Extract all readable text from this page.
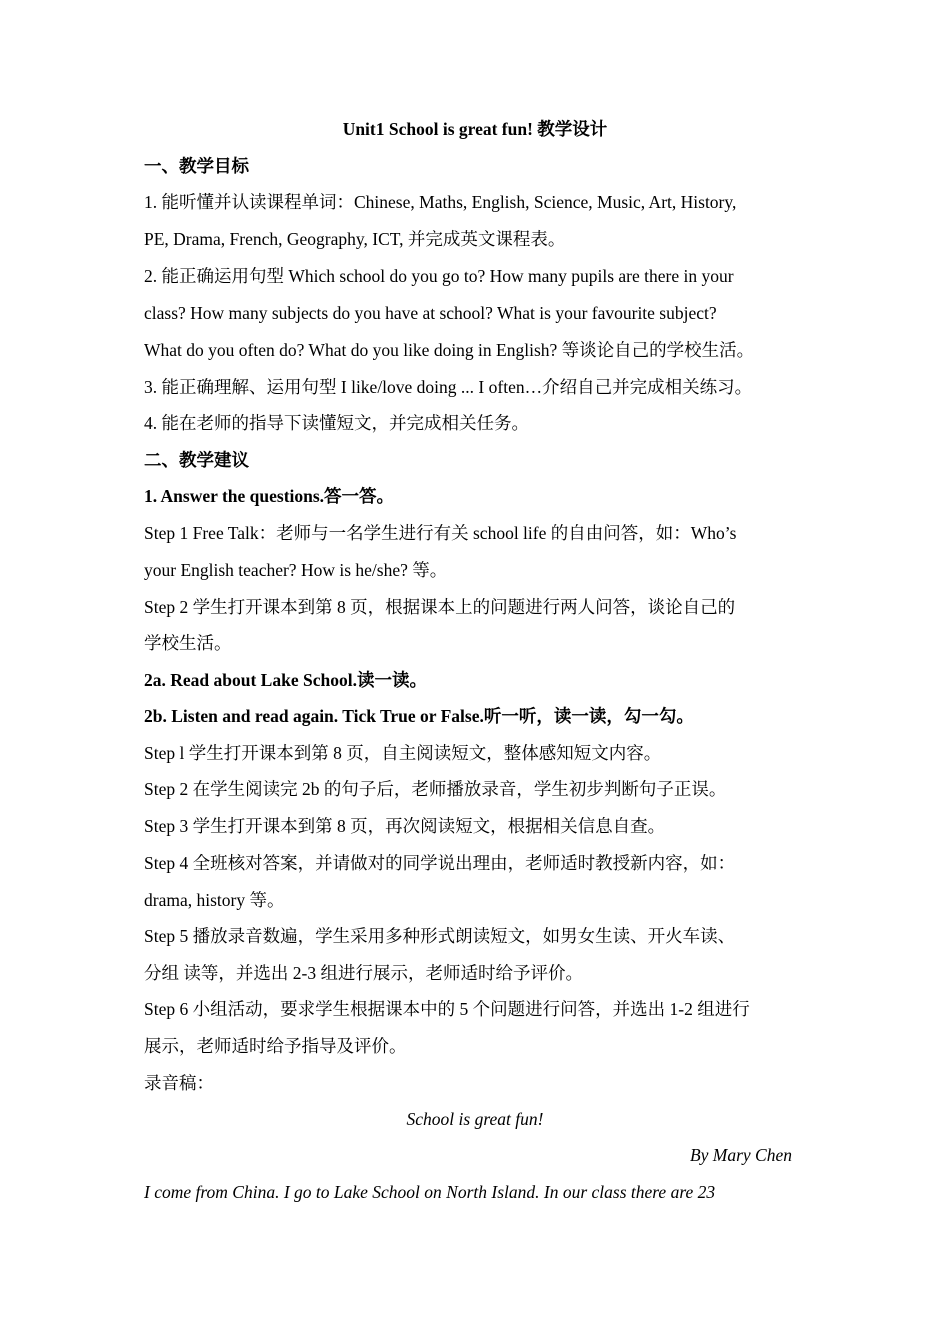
Unit1 School is great fun! 教学设计
一、教学目标
1. 能听懂并认读课程单词：Chinese, Maths, English, Science, Music, Art, History,
PE, Drama, French, Geography, ICT, 并完成英文课程表。
2. 能正确运用句型 Which school do you go to? How many pupils are there in your
class? How many subjects do you have at school? What is your favourite subject?
What do you often do? What do you like doing in English? 等谈论自己的学校生活。
3. 能正确理解、运用句型 I like/love doing ... I often…介绍自己并完成相关练习。
4. 能在老师的指导下读懂短文，并完成相关任务。
二、教学建议
1. Answer the questions.答一答。
Step 1 Free Talk：老师与一名学生进行有关 school life 的自由问答，如：Who’s
your English teacher? How is he/she? 等。
Step 2 学生打开课本到第 8 页，根据课本上的问题进行两人问答，谈论自己的
学校生活。
2a. Read about Lake School.读一读。
2b. Listen and read again. Tick True or False.听一听，读一读，勾一勾。
Step l 学生打开课本到第 8 页，自主阅读短文，整体感知短文内容。
Step 2 在学生阅读完 2b 的句子后，老师播放录音，学生初步判断句子正误。
Step 3 学生打开课本到第 8 页，再次阅读短文，根据相关信息自查。
Step 4 全班核对答案，并请做对的同学说出理由，老师适时教授新内容，如：
drama, history 等。
Step 5 播放录音数遍，学生采用多种形式朗读短文，如男女生读、开火车读、
分组 读等，并选出 2-3 组进行展示，老师适时给予评价。
Step 6 小组活动，要求学生根据课本中的 5 个问题进行问答，并选出 1-2 组进行
展示，老师适时给予指导及评价。
录音稿：
School is great fun!
By Mary Chen
I come from China. I go to Lake School on North Island. In our class there are 23
